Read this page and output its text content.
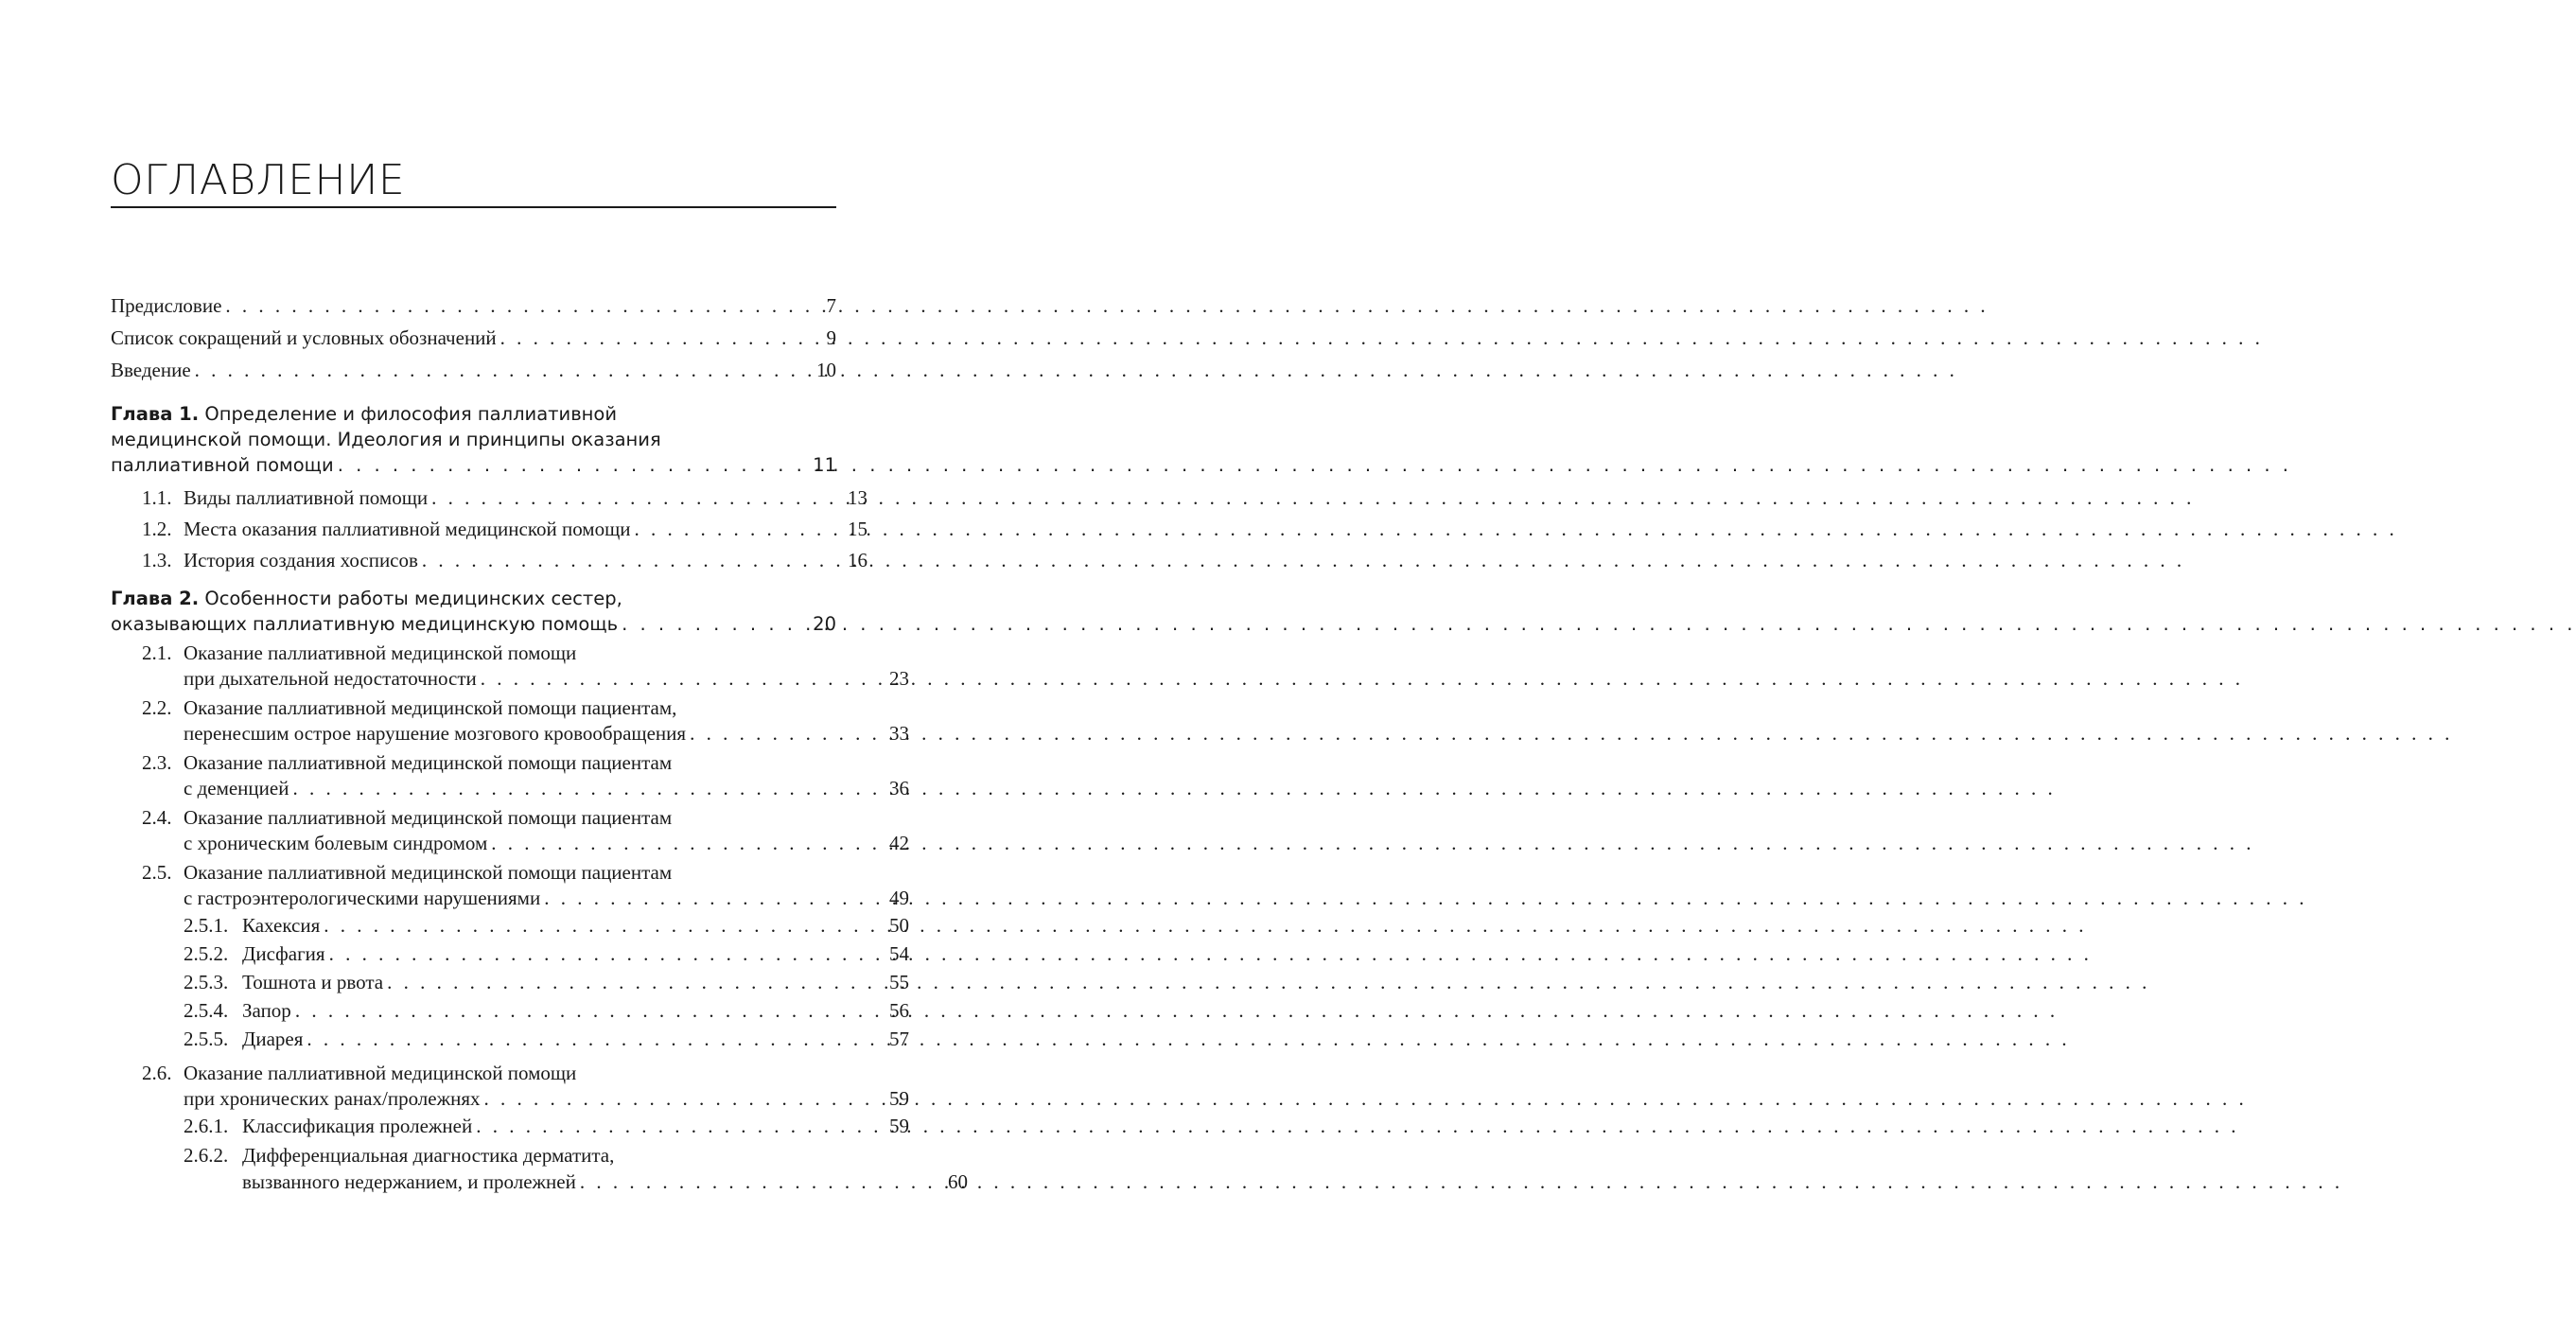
ОГЛАВЛЕНИЕ
Предисловие . . .	7
Список сокращений и условных обозначений . . .	9
Введение . . .	10
Глава 1. Определение и философия паллиативной
медицинской помощи. Идеология и принципы оказания
паллиативной помощи . . .	11
1.1. Виды паллиативной помощи . . .	13
1.2. Места оказания паллиативной медицинской помощи . . .	15
1.3. История создания хосписов . . .	16
Глава 2. Особенности работы медицинских сестер,
оказывающих паллиативную медицинскую помощь . . .	20
2.1. Оказание паллиативной медицинской помощи
при дыхательной недостаточности . . .	23
2.2. Оказание паллиативной медицинской помощи пациентам,
перенесшим острое нарушение мозгового кровообращения . . .	33
2.3. Оказание паллиативной медицинской помощи пациентам
с деменцией . . .	36
2.4. Оказание паллиативной медицинской помощи пациентам
с хроническим болевым синдромом . . .	42
2.5. Оказание паллиативной медицинской помощи пациентам
с гастроэнтерологическими нарушениями . . .	49
2.5.1. Кахексия . . .	50
2.5.2. Дисфагия . . .	54
2.5.3. Тошнота и рвота . . .	55
2.5.4. Запор . . .	56
2.5.5. Диарея . . .	57
2.6. Оказание паллиативной медицинской помощи
при хронических ранах/пролежнях . . .	59
2.6.1. Классификация пролежней . . .	59
2.6.2. Дифференциальная диагностика дерматита,
вызванного недержанием, и пролежней . . .	60
